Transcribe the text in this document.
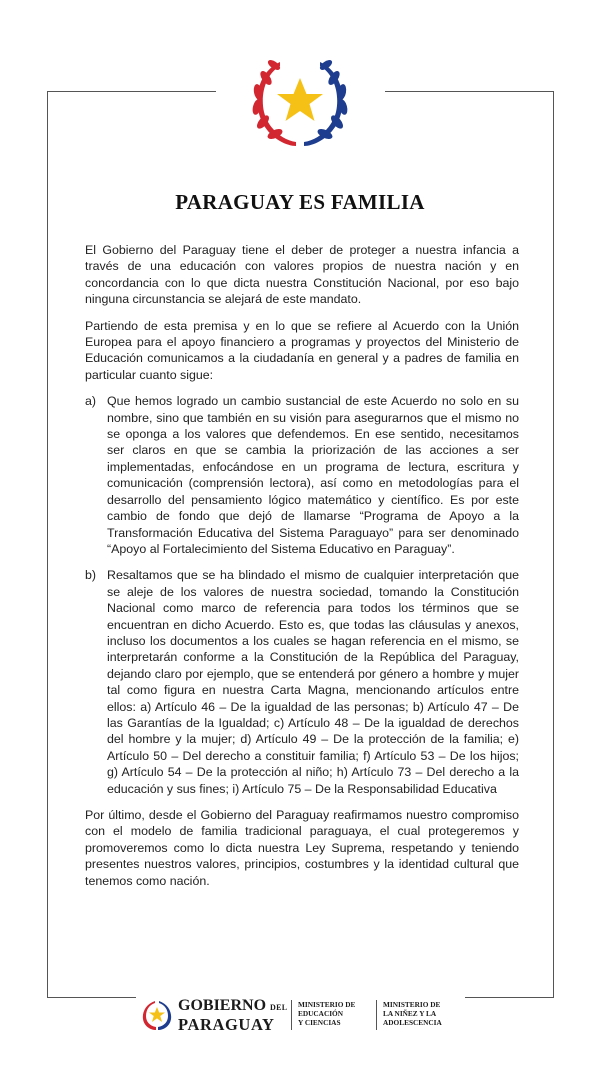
PARAGUAY ES FAMILIA

El Gobierno del Paraguay tiene el deber de proteger a nuestra infancia a través de una educación con valores propios de nuestra nación y en concordancia con lo que dicta nuestra Constitución Nacional, por eso bajo ninguna circunstancia se alejará de este mandato.

Partiendo de esta premisa y en lo que se refiere al Acuerdo con la Unión Europea para el apoyo financiero a programas y proyectos del Ministerio de Educación comunicamos a la ciudadanía en general y a padres de familia en particular cuanto sigue:

a) Que hemos logrado un cambio sustancial de este Acuerdo no solo en su nombre, sino que también en su visión para asegurarnos que el mismo no se oponga a los valores que defendemos. En ese sentido, necesitamos ser claros en que se cambia la priorización de las acciones a ser implementadas, enfocándose en un programa de lectura, escritura y comunicación (comprensión lectora), así como en metodologías para el desarrollo del pensamiento lógico matemático y científico. Es por este cambio de fondo que dejó de llamarse “Programa de Apoyo a la Transformación Educativa del Sistema Paraguayo” para ser denominado “Apoyo al Fortalecimiento del Sistema Educativo en Paraguay”.
b) Resaltamos que se ha blindado el mismo de cualquier interpretación que se aleje de los valores de nuestra sociedad, tomando la Constitución Nacional como marco de referencia para todos los términos que se encuentran en dicho Acuerdo. Esto es, que todas las cláusulas y anexos, incluso los documentos a los cuales se hagan referencia en el mismo, se interpretarán conforme a la Constitución de la República del Paraguay, dejando claro por ejemplo, que se entenderá por género a hombre y mujer tal como figura en nuestra Carta Magna, mencionando artículos entre ellos: a) Artículo 46 – De la igualdad de las personas; b) Artículo 47 – De las Garantías de la Igualdad; c) Artículo 48 – De la igualdad de derechos del hombre y la mujer; d) Artículo 49 – De la protección de la familia; e) Artículo 50 – Del derecho a constituir familia; f) Artículo 53 – De los hijos; g) Artículo 54 – De la protección al niño; h) Artículo 73 – Del derecho a la educación y sus fines; i) Artículo 75 – De la Responsabilidad Educativa

Por último, desde el Gobierno del Paraguay reafirmamos nuestro compromiso con el modelo de familia tradicional paraguaya, el cual protegeremos y promoveremos como lo dicta nuestra Ley Suprema, respetando y teniendo presentes nuestros valores, principios, costumbres y la identidad cultural que tenemos como nación.

GOBIERNO DEL
PARAGUAY
MINISTERIO DE
EDUCACIÓN
Y CIENCIAS
MINISTERIO DE
LA NIÑEZ Y LA
ADOLESCENCIA
